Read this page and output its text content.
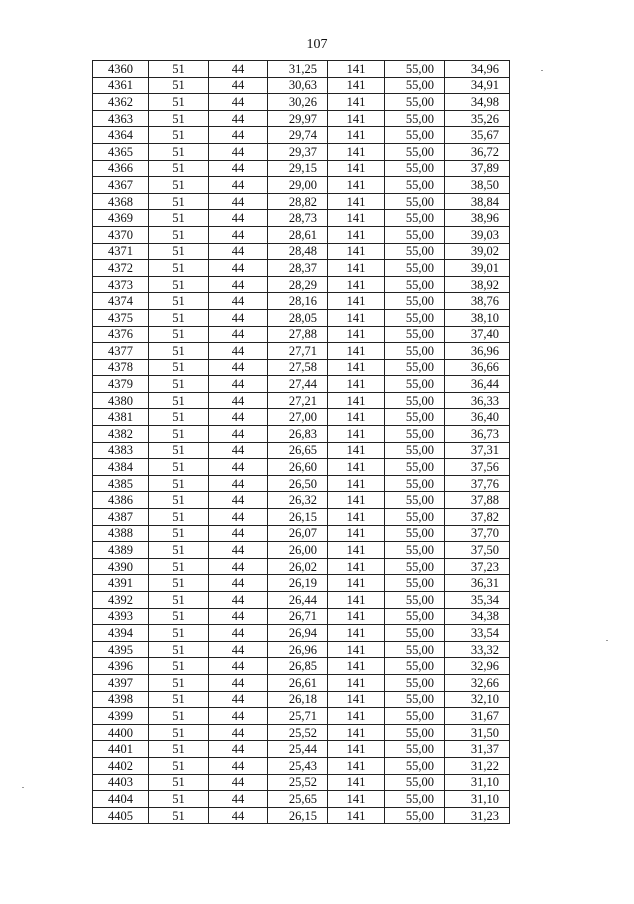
107
4360	51	44	31,25	141	55,00	34,96
4361	51	44	30,63	141	55,00	34,91
4362	51	44	30,26	141	55,00	34,98
4363	51	44	29,97	141	55,00	35,26
4364	51	44	29,74	141	55,00	35,67
4365	51	44	29,37	141	55,00	36,72
4366	51	44	29,15	141	55,00	37,89
4367	51	44	29,00	141	55,00	38,50
4368	51	44	28,82	141	55,00	38,84
4369	51	44	28,73	141	55,00	38,96
4370	51	44	28,61	141	55,00	39,03
4371	51	44	28,48	141	55,00	39,02
4372	51	44	28,37	141	55,00	39,01
4373	51	44	28,29	141	55,00	38,92
4374	51	44	28,16	141	55,00	38,76
4375	51	44	28,05	141	55,00	38,10
4376	51	44	27,88	141	55,00	37,40
4377	51	44	27,71	141	55,00	36,96
4378	51	44	27,58	141	55,00	36,66
4379	51	44	27,44	141	55,00	36,44
4380	51	44	27,21	141	55,00	36,33
4381	51	44	27,00	141	55,00	36,40
4382	51	44	26,83	141	55,00	36,73
4383	51	44	26,65	141	55,00	37,31
4384	51	44	26,60	141	55,00	37,56
4385	51	44	26,50	141	55,00	37,76
4386	51	44	26,32	141	55,00	37,88
4387	51	44	26,15	141	55,00	37,82
4388	51	44	26,07	141	55,00	37,70
4389	51	44	26,00	141	55,00	37,50
4390	51	44	26,02	141	55,00	37,23
4391	51	44	26,19	141	55,00	36,31
4392	51	44	26,44	141	55,00	35,34
4393	51	44	26,71	141	55,00	34,38
4394	51	44	26,94	141	55,00	33,54
4395	51	44	26,96	141	55,00	33,32
4396	51	44	26,85	141	55,00	32,96
4397	51	44	26,61	141	55,00	32,66
4398	51	44	26,18	141	55,00	32,10
4399	51	44	25,71	141	55,00	31,67
4400	51	44	25,52	141	55,00	31,50
4401	51	44	25,44	141	55,00	31,37
4402	51	44	25,43	141	55,00	31,22
4403	51	44	25,52	141	55,00	31,10
4404	51	44	25,65	141	55,00	31,10
4405	51	44	26,15	141	55,00	31,23
